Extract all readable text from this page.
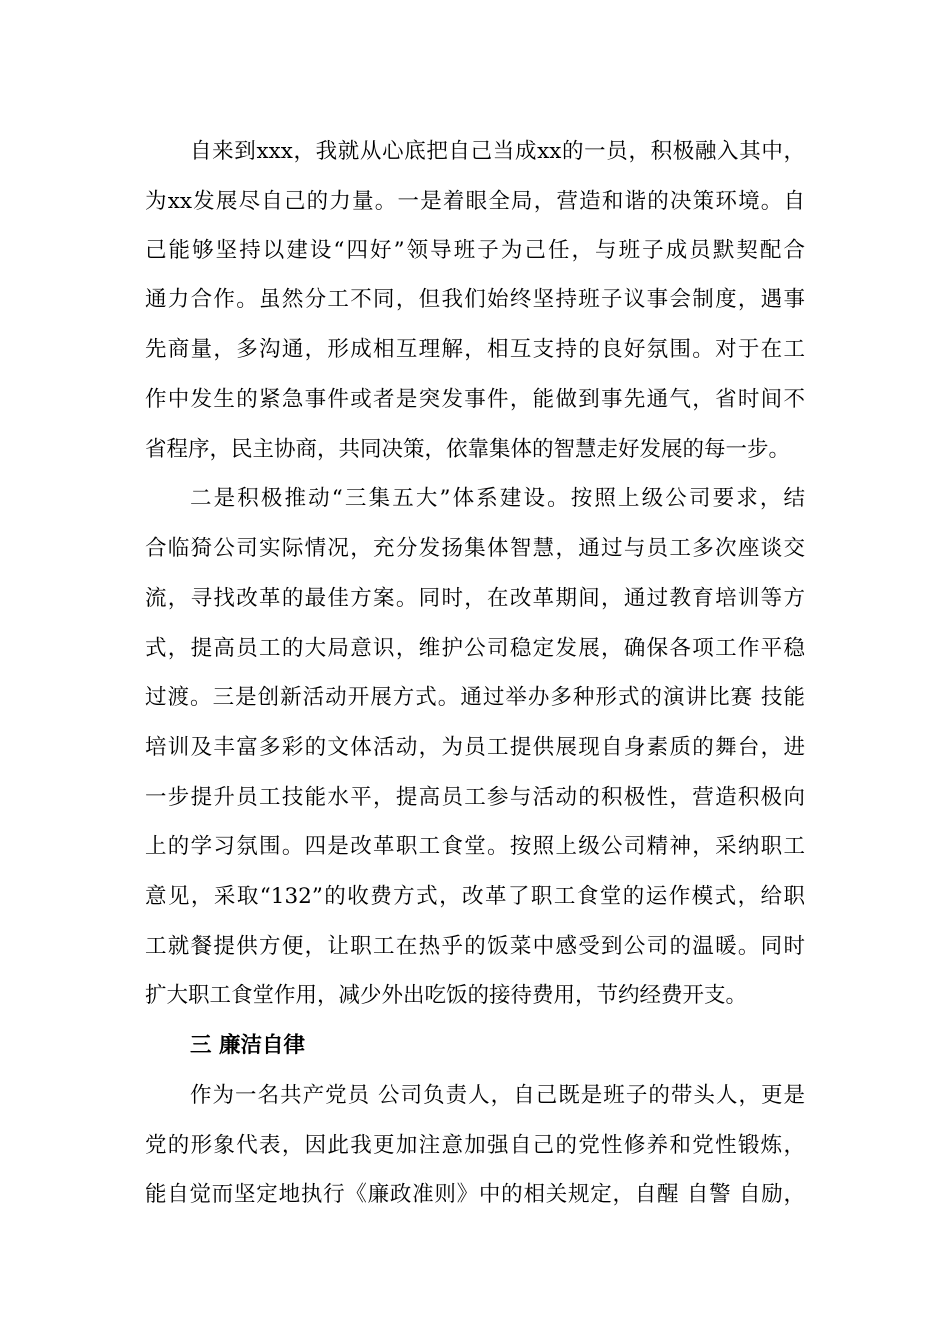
自来到xxx，我就从心底把自己当成xx的一员，积极融入其中，
为xx发展尽自己的力量。一是着眼全局，营造和谐的决策环境。自
己能够坚持以建设“四好”领导班子为己任，与班子成员默契配合
通力合作。虽然分工不同，但我们始终坚持班子议事会制度，遇事
先商量，多沟通，形成相互理解，相互支持的良好氛围。对于在工
作中发生的紧急事件或者是突发事件，能做到事先通气，省时间不
省程序，民主协商，共同决策，依靠集体的智慧走好发展的每一步。
二是积极推动“三集五大”体系建设。按照上级公司要求，结
合临猗公司实际情况，充分发扬集体智慧，通过与员工多次座谈交
流，寻找改革的最佳方案。同时，在改革期间，通过教育培训等方
式，提高员工的大局意识，维护公司稳定发展，确保各项工作平稳
过渡。三是创新活动开展方式。通过举办多种形式的演讲比赛 技能
培训及丰富多彩的文体活动，为员工提供展现自身素质的舞台，进
一步提升员工技能水平，提高员工参与活动的积极性，营造积极向
上的学习氛围。四是改革职工食堂。按照上级公司精神，采纳职工
意见，采取“132”的收费方式，改革了职工食堂的运作模式，给职
工就餐提供方便，让职工在热乎的饭菜中感受到公司的温暖。同时
扩大职工食堂作用，减少外出吃饭的接待费用，节约经费开支。
三 廉洁自律
作为一名共产党员 公司负责人，自己既是班子的带头人，更是
党的形象代表，因此我更加注意加强自己的党性修养和党性锻炼，
能自觉而坚定地执行《廉政准则》中的相关规定，自醒 自警 自励，
